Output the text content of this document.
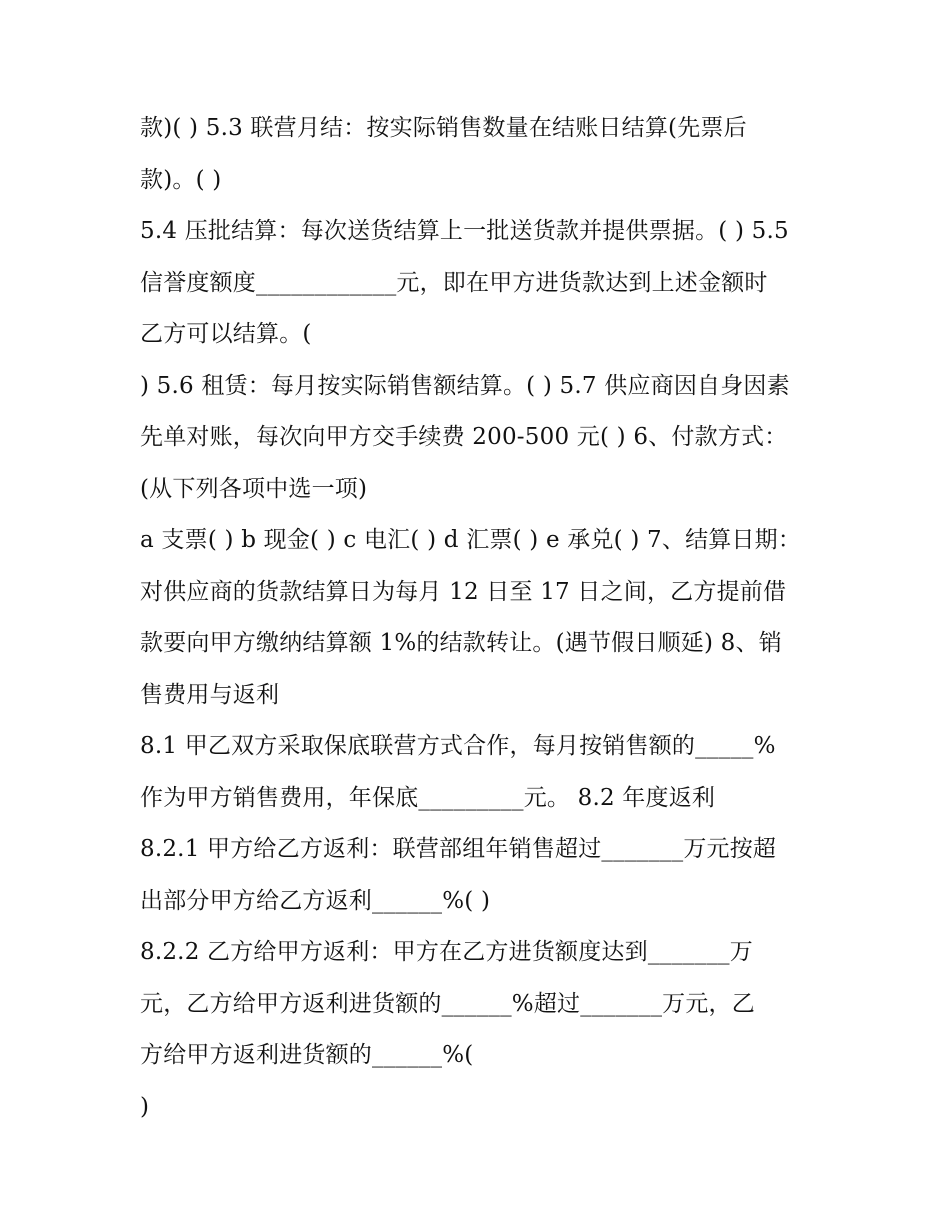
款)( ) 5.3 联营月结：按实际销售数量在结账日结算(先票后
款)。( )
5.4 压批结算：每次送货结算上一批送货款并提供票据。( ) 5.5
信誉度额度____________元，即在甲方进货款达到上述金额时
乙方可以结算。(
) 5.6 租赁：每月按实际销售额结算。( ) 5.7 供应商因自身因素
先单对账，每次向甲方交手续费 200-500 元( ) 6、付款方式：
(从下列各项中选一项)
a 支票( ) b 现金( ) c 电汇( ) d 汇票( ) e 承兑( ) 7、结算日期：
对供应商的货款结算日为每月 12 日至 17 日之间，乙方提前借
款要向甲方缴纳结算额 1%的结款转让。(遇节假日顺延) 8、销
售费用与返利
8.1 甲乙双方采取保底联营方式合作，每月按销售额的_____%
作为甲方销售费用，年保底_________元。 8.2 年度返利
8.2.1 甲方给乙方返利：联营部组年销售超过_______万元按超
出部分甲方给乙方返利______%( )
8.2.2 乙方给甲方返利：甲方在乙方进货额度达到_______万
元，乙方给甲方返利进货额的______%超过_______万元，乙
方给甲方返利进货额的______%(
)
